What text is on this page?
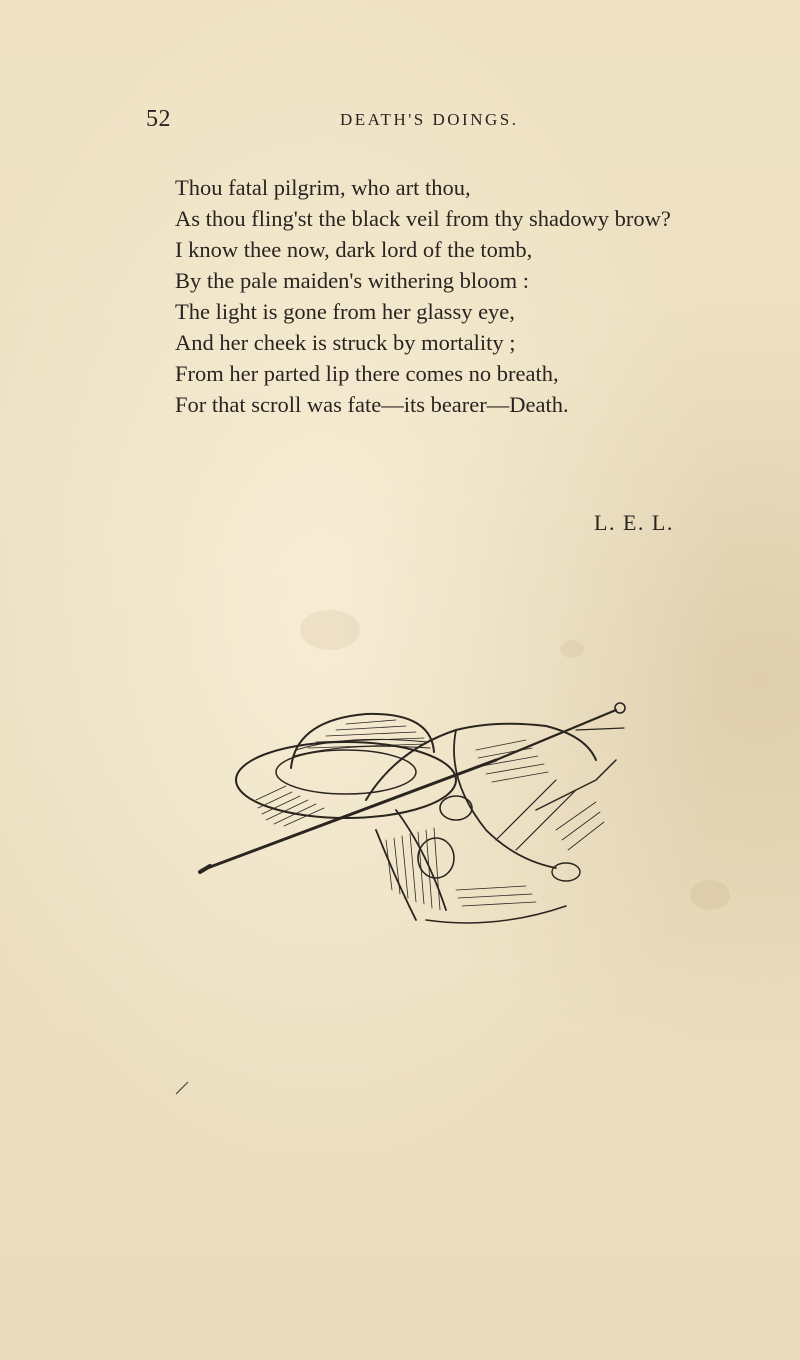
52	DEATH'S DOINGS.
Thou fatal pilgrim, who art thou,
As thou fling'st the black veil from thy shadowy brow?
I know thee now, dark lord of the tomb,
By the pale maiden's withering bloom :
The light is gone from her glassy eye,
And her cheek is struck by mortality ;
From her parted lip there comes no breath,
For that scroll was fate—its bearer—Death.
L. E. L.
